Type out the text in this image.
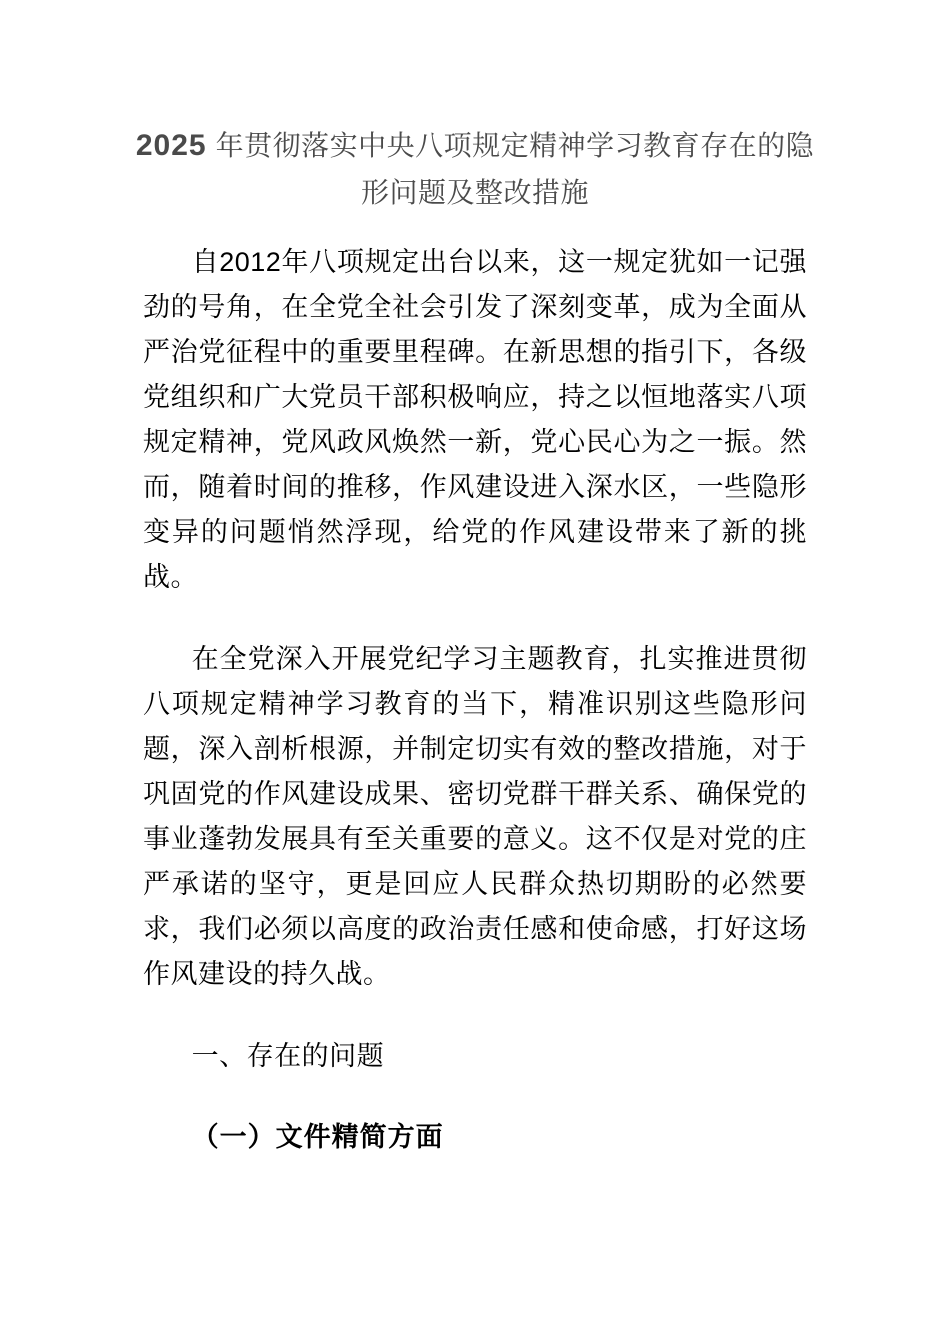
2025 年贯彻落实中央八项规定精神学习教育存在的隐形问题及整改措施

自2012年八项规定出台以来，这一规定犹如一记强劲的号角，在全党全社会引发了深刻变革，成为全面从严治党征程中的重要里程碑。在新思想的指引下，各级党组织和广大党员干部积极响应，持之以恒地落实八项规定精神，党风政风焕然一新，党心民心为之一振。然而，随着时间的推移，作风建设进入深水区，一些隐形变异的问题悄然浮现，给党的作风建设带来了新的挑战。

在全党深入开展党纪学习主题教育，扎实推进贯彻八项规定精神学习教育的当下，精准识别这些隐形问题，深入剖析根源，并制定切实有效的整改措施，对于巩固党的作风建设成果、密切党群干群关系、确保党的事业蓬勃发展具有至关重要的意义。这不仅是对党的庄严承诺的坚守，更是回应人民群众热切期盼的必然要求，我们必须以高度的政治责任感和使命感，打好这场作风建设的持久战。

一、存在的问题

（一）文件精简方面
